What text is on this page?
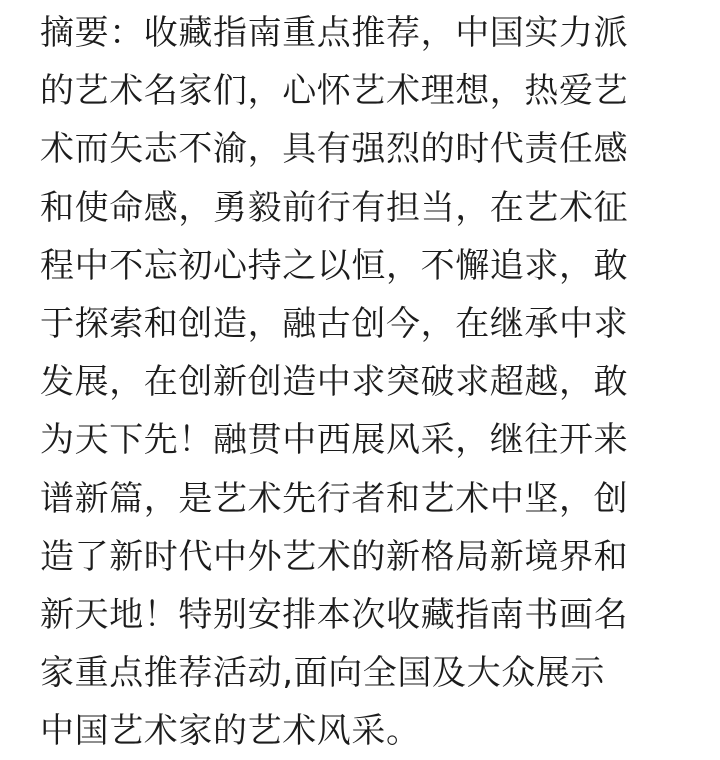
摘要：收藏指南重点推荐，中国实力派
的艺术名家们，心怀艺术理想，热爱艺
术而矢志不渝，具有强烈的时代责任感
和使命感，勇毅前行有担当，在艺术征
程中不忘初心持之以恒，不懈追求，敢
于探索和创造，融古创今，在继承中求
发展，在创新创造中求突破求超越，敢
为天下先！融贯中西展风采，继往开来
谱新篇，是艺术先行者和艺术中坚，创
造了新时代中外艺术的新格局新境界和
新天地！特别安排本次收藏指南书画名
家重点推荐活动,面向全国及大众展示
中国艺术家的艺术风采。
